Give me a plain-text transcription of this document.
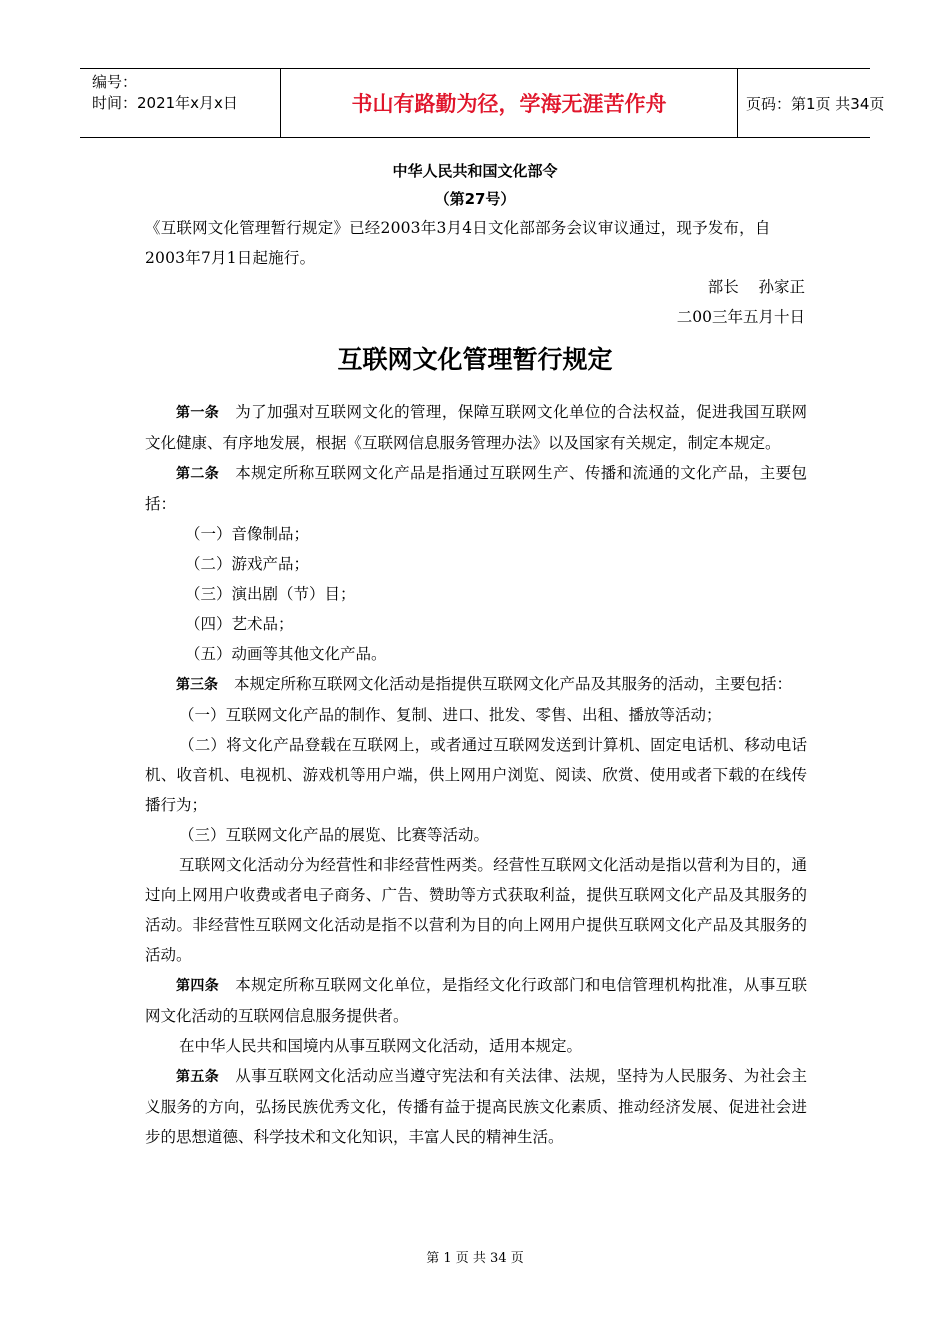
编号：
时间：2021年x月x日	书山有路勤为径，学海无涯苦作舟	页码：第1页 共34页
中华人民共和国文化部令
（第27号）
《互联网文化管理暂行规定》已经2003年3月4日文化部部务会议审议通过，现予发布，自2003年7月1日起施行。
部长    孙家正
二00三年五月十日
互联网文化管理暂行规定

第一条 为了加强对互联网文化的管理，保障互联网文化单位的合法权益，促进我国互联网文化健康、有序地发展，根据《互联网信息服务管理办法》以及国家有关规定，制定本规定。

第二条 本规定所称互联网文化产品是指通过互联网生产、传播和流通的文化产品，主要包括：

（一）音像制品；

（二）游戏产品；

（三）演出剧（节）目；

（四）艺术品；

（五）动画等其他文化产品。

第三条 本规定所称互联网文化活动是指提供互联网文化产品及其服务的活动，主要包括：

（一）互联网文化产品的制作、复制、进口、批发、零售、出租、播放等活动；

（二）将文化产品登载在互联网上，或者通过互联网发送到计算机、固定电话机、移动电话机、收音机、电视机、游戏机等用户端，供上网用户浏览、阅读、欣赏、使用或者下载的在线传播行为；

（三）互联网文化产品的展览、比赛等活动。

互联网文化活动分为经营性和非经营性两类。经营性互联网文化活动是指以营利为目的，通过向上网用户收费或者电子商务、广告、赞助等方式获取利益，提供互联网文化产品及其服务的活动。非经营性互联网文化活动是指不以营利为目的向上网用户提供互联网文化产品及其服务的活动。

第四条 本规定所称互联网文化单位，是指经文化行政部门和电信管理机构批准，从事互联网文化活动的互联网信息服务提供者。

在中华人民共和国境内从事互联网文化活动，适用本规定。

第五条 从事互联网文化活动应当遵守宪法和有关法律、法规，坚持为人民服务、为社会主义服务的方向，弘扬民族优秀文化，传播有益于提高民族文化素质、推动经济发展、促进社会进步的思想道德、科学技术和文化知识，丰富人民的精神生活。

第 1 页 共 34 页
